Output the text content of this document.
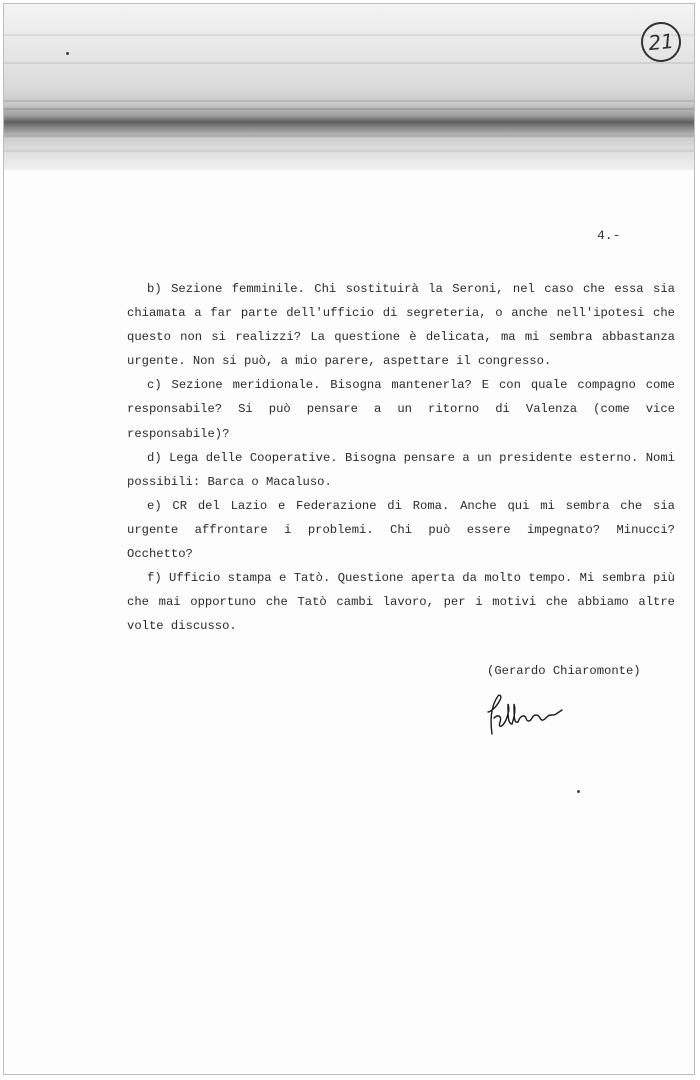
21
4.-

b) Sezione femminile. Chi sostituirà la Seroni, nel caso che essa sia chiamata a far parte dell'ufficio di segreteria, o anche nell'ipotesi che questo non si realizzi? La questione è delicata, ma mi sembra abbastanza urgente. Non si può, a mio parere, aspettare il congresso.

c) Sezione meridionale. Bisogna mantenerla? E con quale compagno come responsabile? Si può pensare a un ritorno di Valenza (come vice responsabile)?

d) Lega delle Cooperative. Bisogna pensare a un presidente esterno. Nomi possibili: Barca o Macaluso.

e) CR del Lazio e Federazione di Roma. Anche qui mi sembra che sia urgente affrontare i problemi. Chi può essere impegnato? Minucci? Occhetto?

f) Ufficio stampa e Tatò. Questione aperta da molto tempo. Mi sembra più che mai opportuno che Tatò cambi lavoro, per i motivi che abbiamo altre volte discusso.

(Gerardo Chiaromonte)
